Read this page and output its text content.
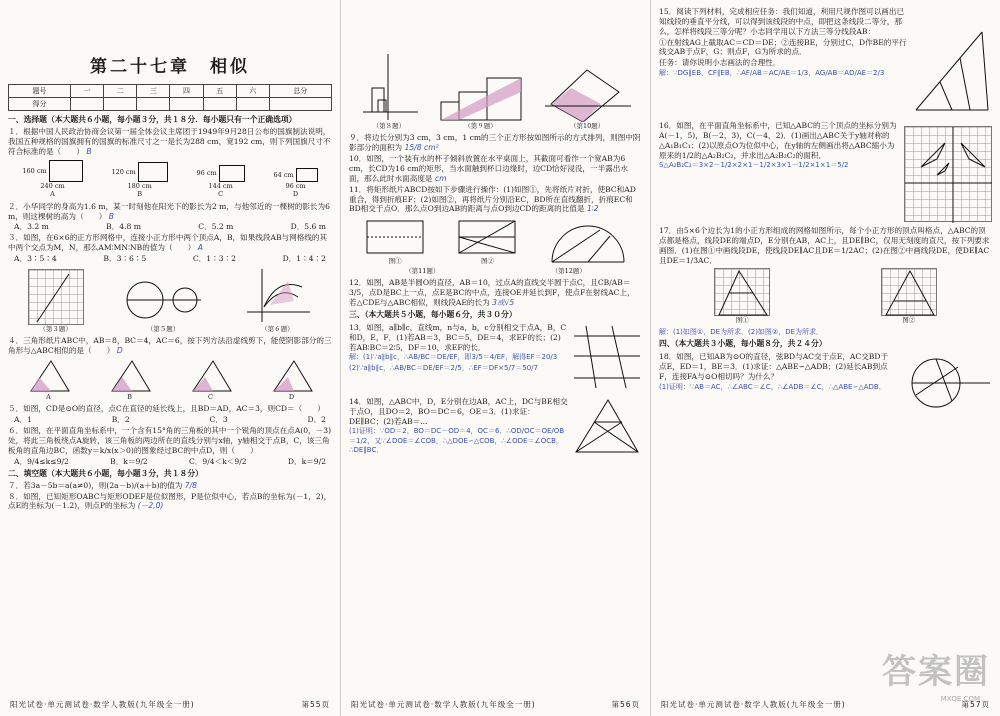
第二十七章　相似
题号	一	二	三	四	五	六	总分
得分							
一、选择题（本大题共６小题，每小题３分，共１８分．每小题只有一个正确选项）
１．根据中国人民政治协商会议第一届全体会议主席团于1949年9月28日公布的国旗制法说明，我国五种规格的国旗拥有的国旗的标准尺寸之一是长为288 cm，宽192 cm，则下列国旗尺寸不符合标准的是（　　） B
160 cm
240 cm
A
120 cm
180 cm
B
96 cm
144 cm
C
64 cm
96 cm
D
２．小华同学的身高为1.6 m，某一时刻他在阳光下的影长为2 m，与他邻近的一棵树的影长为6 m，则这棵树的高为（　　） B
A．3.2 m	B．4.8 m	C．5.2 m	D．5.6 m
３．如图，在6×6的正方形网格中，连接小正方形中两个顶点A，B，如果线段AB与网格线的其中两个交点为M，N，那么AM∶MN∶NB的值为（　　） A
A．3∶5∶4	B．3∶6∶5	C．1∶3∶2	D．1∶4∶2
（第３题）	（第５题）	（第６题）
４．三角形纸片ABC中，AB＝8，BC＝4，AC＝6，按下列方法沿虚线剪下，能使阴影部分的三角形与△ABC相似的是（　　） D
A	B	C	D
５．如图，CD是⊙O的直径，点C在直径的延长线上，且BD＝AD，AC＝3，则CD＝（　　）
A．1	B．2	C．3	D．2
６．如图，在平面直角坐标系中，一个含有15°角的三角板的其中一个锐角的顶点在点A(0，－3)处，将此三角板绕点A旋转，该三角板的两边所在的直线分别与x轴，y轴相交于点B，C，该三角板角的直角边BC，函数y＝k/x(x＞0)的图象经过BC的中点D，则（　　）
A．9/4≤k≤9/2	B．k＝9/2	C．9/4＜k＜9/2	D．k＝9/2
二、填空题（本大题共６小题，每小题３分，共１８分）
７．若3a－5b＝a(a≠0)，则(2a－b)/(a＋b)的值为 7/8
８．如图，已知矩形OABC与矩形ODEF是位似图形，P是位似中心，若点B的坐标为(－1，2)，点E的坐标为(－1.2)，则点P的坐标为 (－2,0)
阳光试卷·单元测试卷·数学人教版(九年级全一册)	第55页
（第８题）	（第９题）	（第10题）
９．将边长分别为3 cm，3 cm，1 cm的三个正方形按如图所示的方式排列，则图中阴影部分的面积为 15/8 cm²
10．如图，一个装有水的杯子倾斜放置在水平桌面上，其截面可看作一个宽AB为6 cm，长CD为16 cm的矩形，当水面触到杯口边缘时，边CD恰好浸没，一半露出水面，那么此时水面高度是 cm
11．将矩形纸片ABCD按如下步骤进行操作：(1)如图①，先将纸片对折，使BC和AD重合，得到折痕EF；(2)如图②，再将纸片分别沿EC，BD所在直线翻折，折痕EC和BD相交于点O．那么点O到边AB的距离与点O到边CD的距离的比值是 1∶2
图①	图②
（第11题）	（第12题）
12．如图，AB是半圆O的直径，AB＝10，过点A的直线交半圆于点C，且CB/AB＝3/5，点D是BC上一点，点E是BC的中点，连接OE并延长到F，使点F在射线AC上，若△CDE与△ABC相似，则线段AE的长为 3或√5
三、（本大题共５小题，每小题６分，共３０分）
13．如图，a∥b∥c，直线m，n与a，b，c分别相交于点A，B，C和D，E，F．(1)若AB＝3，BC＝5，DE＝4，求EF的长；(2)若AB∶BC＝2∶5，DF＝10，求EF的长．
解：(1)∵a∥b∥c，∴AB/BC＝DE/EF，即3/5＝4/EF，解得EF＝20/3
(2)∵a∥b∥c，∴AB/BC＝DE/EF＝2/5，∴EF＝DF×5/7＝50/7
14．如图，△ABC中，D，E分别在边AB，AC上，DC与BE相交于点O，且DO＝2，BO＝DC＝6，OE＝3．(1)求证：DE∥BC；(2)若AB＝...
(1)证明：∵OD＝2，BO＝DC－OD＝4，OC＝6．∴OD/OC＝OE/OB＝1/2，又∵∠DOE＝∠COB，∴△DOE∽△COB，∴∠ODE＝∠OCB，∴DE∥BC．
阳光试卷·单元测试卷·数学人教版(九年级全一册)	第56页
15．阅读下列材料，完成相应任务：我们知道，利用尺规作图可以画出已知线段的垂直平分线，可以得到该线段的中点，即把这条线段二等分，那么，怎样将线段三等分呢？小志同学用以下方法三等分线段AB：
①在射线AG上截取AC＝CD＝DE；②连接BE，分别过C，D作BE的平行线交AB于点F，G；则点F，G为所求的点．
任务：请你说明小志画法的合理性．
解：∵DG∥EB，CF∥EB，∴AF/AB＝AC/AE＝1/3，AG/AB＝AD/AE＝2/3
16．如图，在平面直角坐标系中，已知△ABC的三个顶点的坐标分别为A(－1，5)，B(－2，3)，C(－4，2)．(1)画出△ABC关于y轴对称的△A₁B₁C₁；(2)以原点O为位似中心，在y轴的左侧画出将△ABC缩小为原来的1/2的△A₂B₂C₂，并求出△A₂B₂C₂的面积．
S△A₂B₂C₂＝3×2－1/2×2×1－1/2×3×1－1/2×1×1＝5/2
17．由5×6个边长为1的小正方形组成的网格如图所示，每个小正方形的顶点叫格点，△ABC的顶点都是格点，线段DE的端点D，E分别在AB，AC上，且DE∥BC，仅用无刻度的直尺，按下列要求画图．(1)在图①中画线段DE，使线段DE∥AC且DE＝1/2AC；(2)在图②中画线段DE，使DE∥AC且DE＝1/3AC．
图①	图②
解：(1)如图①，DE为所求．(2)如图②，DE为所求．
四、（本大题共３小题，每小题８分，共２４分）
18．如图，已知AB为⊙O的直径，弦BD与AC交于点E，AC交BD于点E，ED＝1，BE＝3．(1)求证：△ABE∽△ADB；(2)延长AB到点F，连接FA与⊙O相切吗？为什么？
(1)证明：∵AB＝AC，∴∠ABC＝∠C，∴∠ADB＝∠C，∴△ABE∽△ADB．
答案圈
MXQE.COM
阳光试卷·单元测试卷·数学人教版(九年级全一册)	第57页
